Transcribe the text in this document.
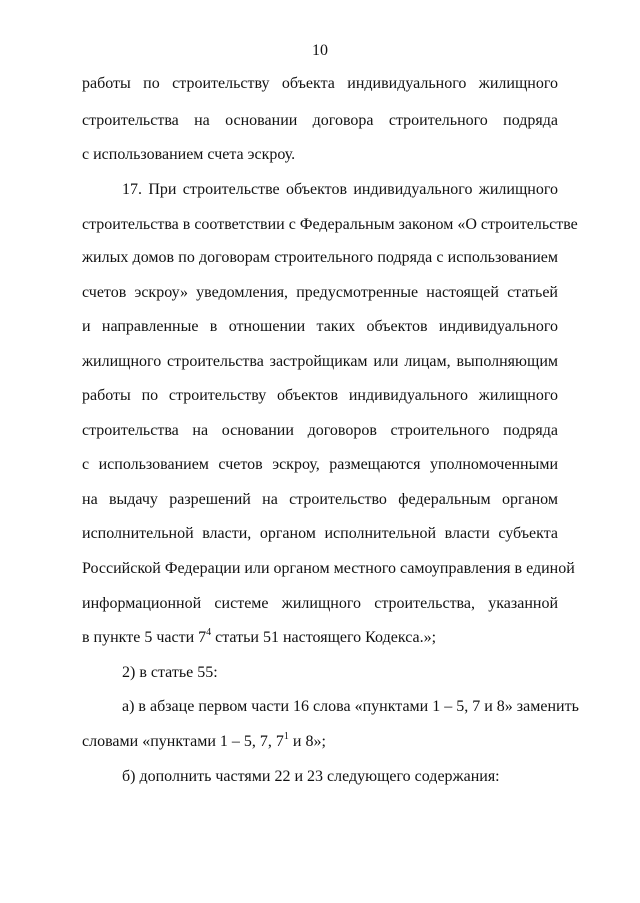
10
работы по строительству объекта индивидуального жилищного
строительства на основании договора строительного подряда
с использованием счета эскроу.
17. При строительстве объектов индивидуального жилищного
строительства в соответствии с Федеральным законом «О строительстве
жилых домов по договорам строительного подряда с использованием
счетов эскроу» уведомления, предусмотренные настоящей статьей
и направленные в отношении таких объектов индивидуального
жилищного строительства застройщикам или лицам, выполняющим
работы по строительству объектов индивидуального жилищного
строительства на основании договоров строительного подряда
с использованием счетов эскроу, размещаются уполномоченными
на выдачу разрешений на строительство федеральным органом
исполнительной власти, органом исполнительной власти субъекта
Российской Федерации или органом местного самоуправления в единой
информационной системе жилищного строительства, указанной
в пункте 5 части $7^4$ статьи 51 настоящего Кодекса.»;
2) в статье 55:
а) в абзаце первом части 16 слова «пунктами 1 – 5, 7 и 8» заменить
словами «пунктами 1 – 5, 7, $7^1$ и 8»;
б) дополнить частями 22 и 23 следующего содержания:
